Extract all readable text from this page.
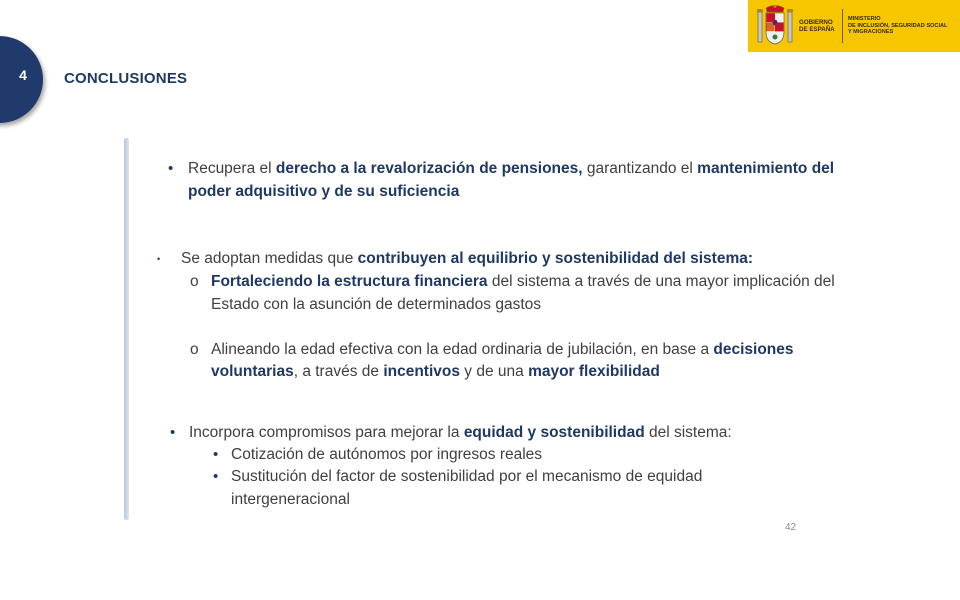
4 CONCLUSIONES
GOBIERNO
DE ESPAÑA
MINISTERIO
DE INCLUSIÓN, SEGURIDAD SOCIAL
Y MIGRACIONES
• Recupera el derecho a la revalorización de pensiones, garantizando el mantenimiento del
poder adquisitivo y de su suficiencia
• Se adoptan medidas que contribuyen al equilibrio y sostenibilidad del sistema:
o Fortaleciendo la estructura financiera del sistema a través de una mayor implicación del
Estado con la asunción de determinados gastos
o Alineando la edad efectiva con la edad ordinaria de jubilación, en base a decisiones
voluntarias, a través de incentivos y de una mayor flexibilidad
• Incorpora compromisos para mejorar la equidad y sostenibilidad del sistema:
• Cotización de autónomos por ingresos reales
• Sustitución del factor de sostenibilidad por el mecanismo de equidad
intergeneracional
42
